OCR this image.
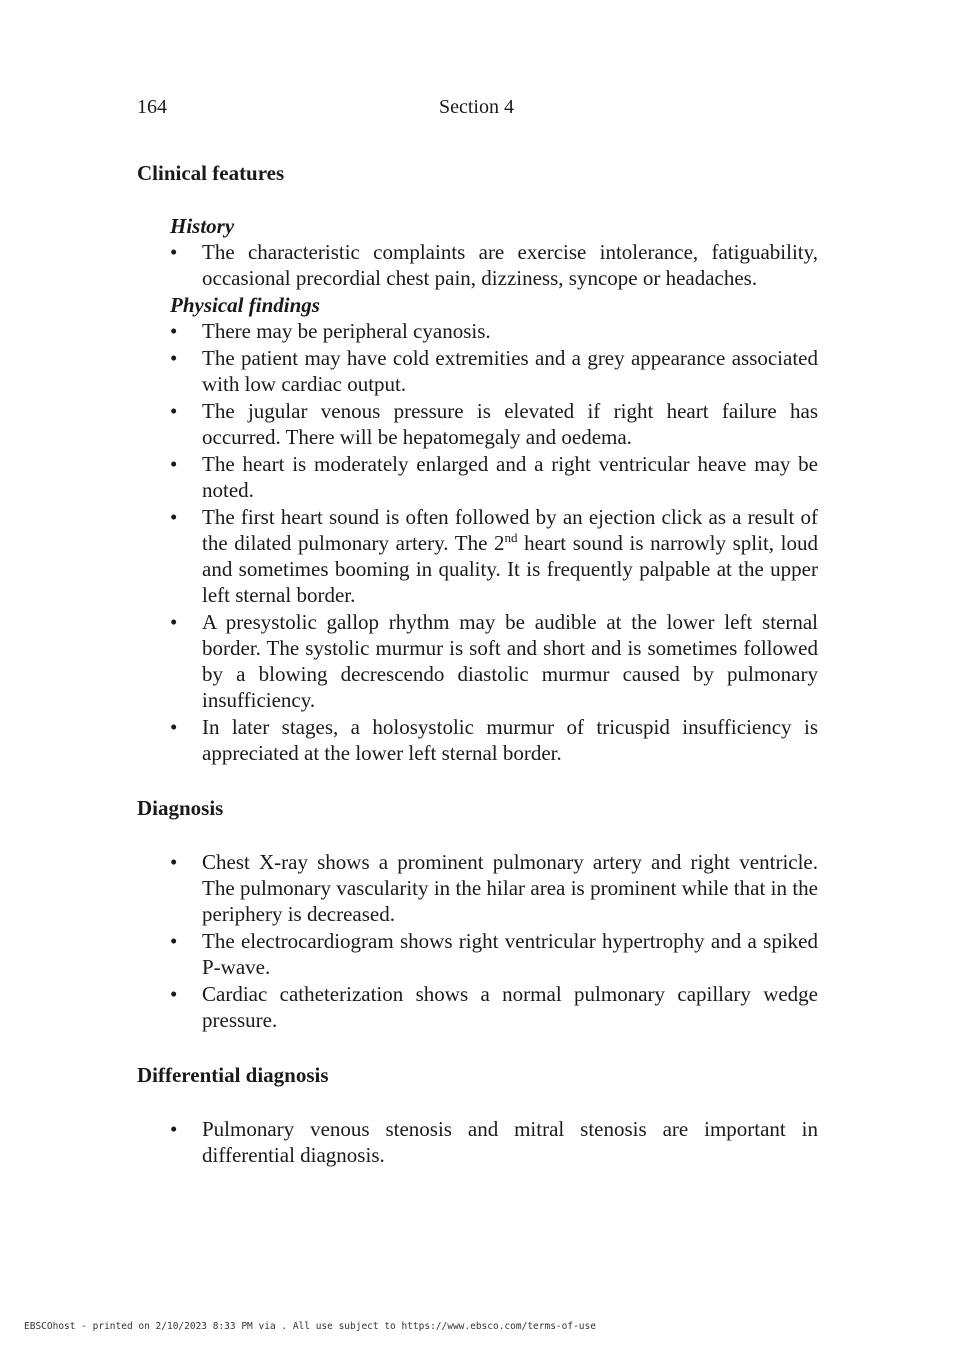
164	Section 4
Clinical features
History
• The characteristic complaints are exercise intolerance, fatiguability, occasional precordial chest pain, dizziness, syncope or headaches.
Physical findings
• There may be peripheral cyanosis.
• The patient may have cold extremities and a grey appearance associated with low cardiac output.
• The jugular venous pressure is elevated if right heart failure has occurred. There will be hepatomegaly and oedema.
• The heart is moderately enlarged and a right ventricular heave may be noted.
• The first heart sound is often followed by an ejection click as a result of the dilated pulmonary artery. The 2nd heart sound is narrowly split, loud and sometimes booming in quality. It is frequently palpable at the upper left sternal border.
• A presystolic gallop rhythm may be audible at the lower left sternal border. The systolic murmur is soft and short and is sometimes followed by a blowing decrescendo diastolic murmur caused by pulmonary insufficiency.
• In later stages, a holosystolic murmur of tricuspid insufficiency is appreciated at the lower left sternal border.
Diagnosis
• Chest X-ray shows a prominent pulmonary artery and right ventricle. The pulmonary vascularity in the hilar area is prominent while that in the periphery is decreased.
• The electrocardiogram shows right ventricular hypertrophy and a spiked P-wave.
• Cardiac catheterization shows a normal pulmonary capillary wedge pressure.
Differential diagnosis
• Pulmonary venous stenosis and mitral stenosis are important in differential diagnosis.
EBSCOhost - printed on 2/10/2023 8:33 PM via . All use subject to https://www.ebsco.com/terms-of-use
